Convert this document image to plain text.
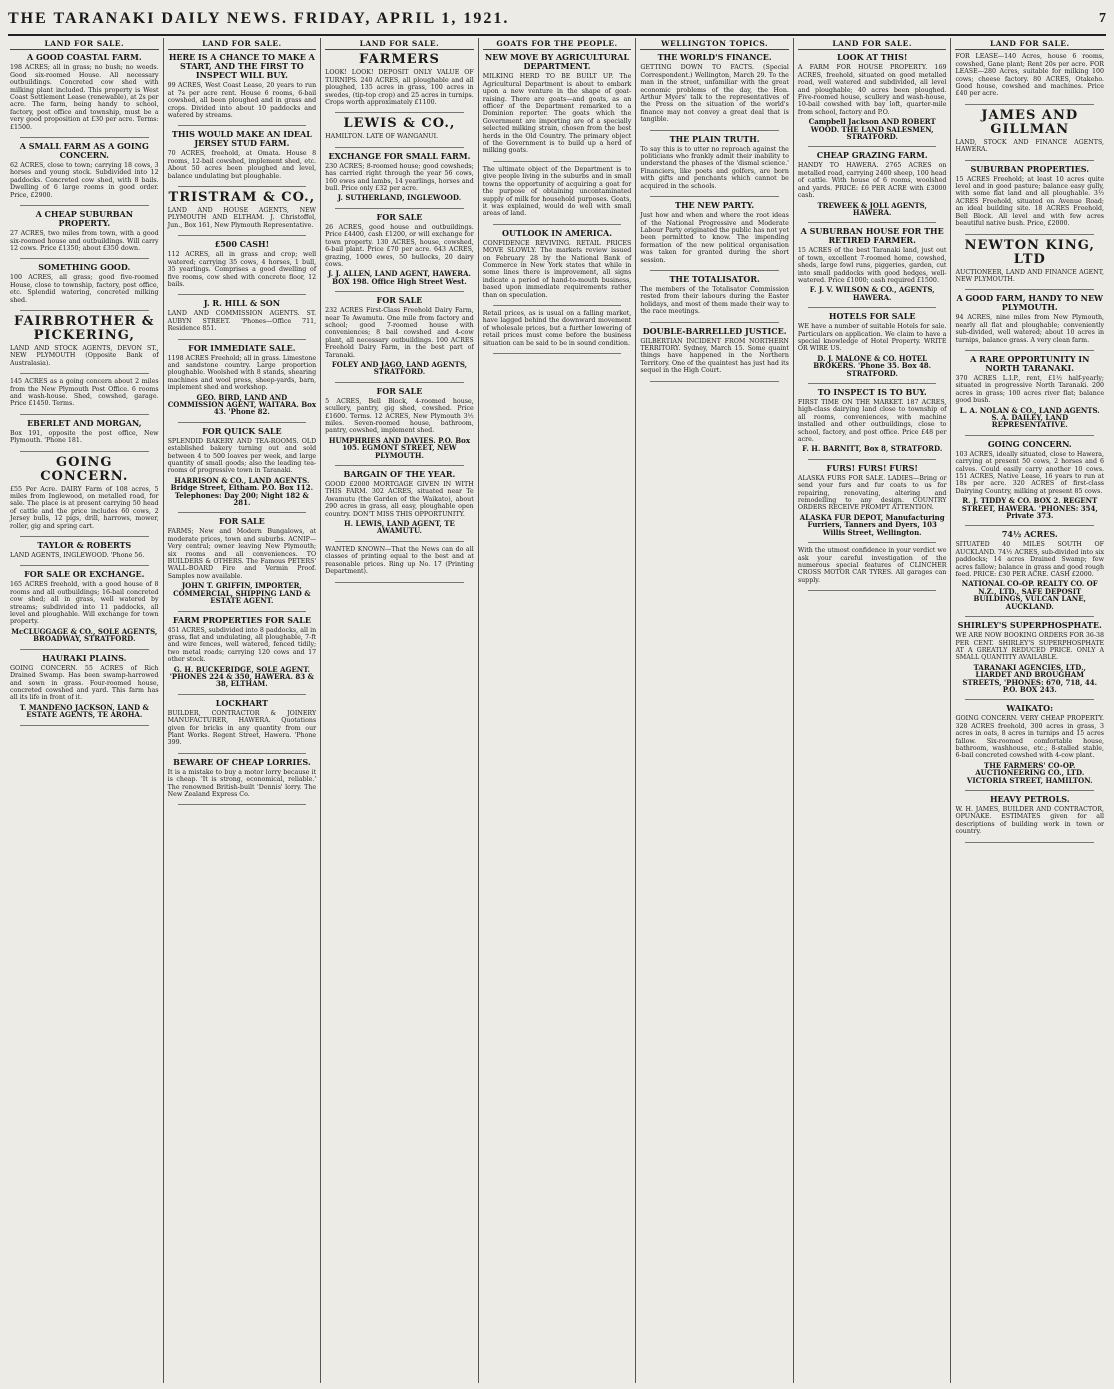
THE TARANAKI DAILY NEWS. FRIDAY, APRIL 1, 1921.	7
LAND FOR SALE.
A GOOD COASTAL FARM.
198 ACRES; all in grass; no bush; no weeds. Good six-roomed House. All necessary outbuildings. Concreted cow shed with milking plant included. This property is West Coast Settlement Lease (renewable), at 2s per acre. The farm, being handy to school, factory, post office and township, must be a very good proposition at £30 per acre. Terms: £1500.
A SMALL FARM AS A GOING CONCERN.
62 ACRES, close to town; carrying 18 cows, 3 horses and young stock. Subdivided into 12 paddocks. Concreted cow shed, with 8 bails. Dwelling of 6 large rooms in good order. Price, £2900.
A CHEAP SUBURBAN PROPERTY.
27 ACRES, two miles from town, with a good six-roomed house and outbuildings. Will carry 12 cows. Price £1350; about £350 down.
SOMETHING GOOD.
100 ACRES, all grass; good five-roomed House, close to township, factory, post office, etc. Splendid watering, concreted milking shed.
FAIRBROTHER & PICKERING,
LAND AND STOCK AGENTS, DEVON ST., NEW PLYMOUTH (Opposite Bank of Australasia).
145 ACRES as a going concern about 2 miles from the New Plymouth Post Office. 6 rooms and wash-house. Shed, cowshed, garage. Price £1450. Terms.
EBERLET AND MORGAN,
Box 191, opposite the post office, New Plymouth. 'Phone 181.
GOING CONCERN.
£55 Per Acre. DAIRY Farm of 108 acres, 5 miles from Inglewood, on metalled road, for sale. The place is at present carrying 50 head of cattle and the price includes 60 cows, 2 Jersey bulls, 12 pigs, drill, harrows, mower, roller, gig and spring cart.
TAYLOR & ROBERTS
LAND AGENTS, INGLEWOOD. 'Phone 56.
FOR SALE OR EXCHANGE.
165 ACRES freehold, with a good house of 8 rooms and all outbuildings; 16-bail concreted cow shed; all in grass, well watered by streams; subdivided into 11 paddocks, all level and ploughable. Will exchange for town property.
McCLUGGAGE & CO., SOLE AGENTS, BROADWAY, STRATFORD.
HAURAKI PLAINS.
GOING CONCERN. 55 ACRES of Rich Drained Swamp. Has been swamp-harrowed and sown in grass. Four-roomed house, concreted cowshed and yard. This farm has all its life in front of it.
T. MANDENO JACKSON, LAND & ESTATE AGENTS, TE AROHA.
LAND FOR SALE.
HERE IS A CHANCE TO MAKE A START, AND THE FIRST TO INSPECT WILL BUY.
99 ACRES, West Coast Lease, 20 years to run at 7s per acre rent. House 6 rooms, 6-bail cowshed, all been ploughed and in grass and crops. Divided into about 10 paddocks and watered by streams.
THIS WOULD MAKE AN IDEAL JERSEY STUD FARM.
70 ACRES, freehold, at Omata. House 8 rooms, 12-bail cowshed, implement shed, etc. About 50 acres been ploughed and level, balance undulating but ploughable.
TRISTRAM & CO.,
LAND AND HOUSE AGENTS, NEW PLYMOUTH AND ELTHAM. J. Christoffel, Jun., Box 161, New Plymouth Representative.
£500 CASH!
112 ACRES, all in grass and crop; well watered; carrying 35 cows, 4 horses, 1 bull, 35 yearlings. Comprises a good dwelling of five rooms, cow shed with concrete floor, 12 bails.
J. R. HILL & SON
LAND AND COMMISSION AGENTS. ST. AUBYN STREET. 'Phones—Office 711, Residence 851.
FOR IMMEDIATE SALE.
1198 ACRES Freehold; all in grass. Limestone and sandstone country. Large proportion ploughable. Woolshed with 8 stands, shearing machines and wool press, sheep-yards, barn, implement shed and workshop.
GEO. BIRD, LAND AND COMMISSION AGENT, WAITARA. Box 43. 'Phone 82.
FOR QUICK SALE
SPLENDID BAKERY AND TEA-ROOMS. OLD established bakery turning out and sold between 4 to 500 loaves per week, and large quantity of small goods; also the leading tea-rooms of progressive town in Taranaki.
HARRISON & CO., LAND AGENTS. Bridge Street, Eltham. P.O. Box 112. Telephones: Day 200; Night 182 & 281.
FOR SALE
FARMS; New and Modern Bungalows, at moderate prices, town and suburbs. ACNIP—Very central; owner leaving New Plymouth; six rooms and all conveniences. TO BUILDERS & OTHERS. The Famous PETERS' WALL-BOARD Fire and Vermin Proof. Samples now available.
JOHN T. GRIFFIN, IMPORTER, COMMERCIAL, SHIPPING LAND & ESTATE AGENT.
FARM PROPERTIES FOR SALE
451 ACRES, subdivided into 8 paddocks, all in grass, flat and undulating, all ploughable, 7-ft and wire fences, well watered, fenced tidily; two metal roads; carrying 120 cows and 17 other stock.
G. H. BUCKERIDGE, SOLE AGENT. 'PHONES 224 & 350, HAWERA. 83 & 38, ELTHAM.
LOCKHART
BUILDER, CONTRACTOR & JOINERY MANUFACTURER, HAWERA. Quotations given for bricks in any quantity from our Plant Works. Regent Street, Hawera. 'Phone 399.
BEWARE OF CHEAP LORRIES.
It is a mistake to buy a motor lorry because it is cheap. 'It is strong, economical, reliable.' The renowned British-built 'Dennis' lorry. The New Zealand Express Co.
LAND FOR SALE.
FARMERS
LOOK! LOOK! DEPOSIT ONLY VALUE OF TURNIPS. 240 ACRES, all ploughable and all ploughed, 135 acres in grass, 100 acres in swedes, (tip-top crop) and 25 acres in turnips. Crops worth approximately £1100.
LEWIS & CO.,
HAMILTON. LATE OF WANGANUI.
EXCHANGE FOR SMALL FARM.
230 ACRES; 8-roomed house; good cowsheds; has carried right through the year 56 cows, 160 ewes and lambs, 14 yearlings, horses and bull. Price only £32 per acre.
J. SUTHERLAND, INGLEWOOD.
FOR SALE
26 ACRES, good house and outbuildings. Price £4400, cash £1200, or will exchange for town property. 130 ACRES, house, cowshed, 6-bail plant. Price £70 per acre. 643 ACRES, grazing, 1000 ewes, 50 bullocks, 20 dairy cows.
J. J. ALLEN, LAND AGENT, HAWERA. BOX 198. Office High Street West.
FOR SALE
232 ACRES First-Class Freehold Dairy Farm, near Te Awamutu. One mile from factory and school; good 7-roomed house with conveniences; 8 bail cowshed and 4-cow plant, all necessary outbuildings. 100 ACRES Freehold Dairy Farm, in the best part of Taranaki.
FOLEY AND JAGO, LAND AGENTS, STRATFORD.
FOR SALE
5 ACRES, Bell Block, 4-roomed house, scullery, pantry, gig shed, cowshed. Price £1600. Terms. 12 ACRES, New Plymouth 3½ miles. Seven-roomed house, bathroom, pantry, cowshed, implement shed.
HUMPHRIES AND DAVIES. P.O. Box 105. EGMONT STREET, NEW PLYMOUTH.
BARGAIN OF THE YEAR.
GOOD £2000 MORTGAGE GIVEN IN WITH THIS FARM. 302 ACRES, situated near Te Awamutu (the Garden of the Waikato), about 290 acres in grass, all easy, ploughable open country. DON'T MISS THIS OPPORTUNITY.
H. LEWIS, LAND AGENT, TE AWAMUTU.
WANTED KNOWN—That the News can do all classes of printing equal to the best and at reasonable prices. Ring up No. 17 (Printing Department).
GOATS FOR THE PEOPLE.
NEW MOVE BY AGRICULTURAL DEPARTMENT.
MILKING HERD TO BE BUILT UP. The Agricultural Department is about to embark upon a new venture in the shape of goat-raising. There are goats—and goats, as an officer of the Department remarked to a Dominion reporter. The goats which the Government are importing are of a specially selected milking strain, chosen from the best herds in the Old Country. The primary object of the Government is to build up a herd of milking goats.
The ultimate object of the Department is to give people living in the suburbs and in small towns the opportunity of acquiring a goat for the purpose of obtaining uncontaminated supply of milk for household purposes. Goats, it was explained, would do well with small areas of land.
OUTLOOK IN AMERICA.
CONFIDENCE REVIVING. RETAIL PRICES MOVE SLOWLY. The markets review issued on February 28 by the National Bank of Commerce in New York states that while in some lines there is improvement, all signs indicate a period of hand-to-mouth business, based upon immediate requirements rather than on speculation.
Retail prices, as is usual on a falling market, have lagged behind the downward movement of wholesale prices, but a further lowering of retail prices must come before the business situation can be said to be in sound condition.
WELLINGTON TOPICS.
THE WORLD'S FINANCE.
GETTING DOWN TO FACTS. (Special Correspondent.) Wellington, March 29. To the man in the street, unfamiliar with the great economic problems of the day, the Hon. Arthur Myers' talk to the representatives of the Press on the situation of the world's finance may not convey a great deal that is tangible.
THE PLAIN TRUTH.
To say this is to utter no reproach against the politicians who frankly admit their inability to understand the phases of the 'dismal science.' Financiers, like poets and golfers, are born with gifts and penchants which cannot be acquired in the schools.
THE NEW PARTY.
Just how and when and where the root ideas of the National Progressive and Moderate Labour Party originated the public has not yet been permitted to know. The impending formation of the new political organisation was taken for granted during the short session.
THE TOTALISATOR.
The members of the Totalisator Commission rested from their labours during the Easter holidays, and most of them made their way to the race meetings.
DOUBLE-BARRELLED JUSTICE.
GILBERTIAN INCIDENT FROM NORTHERN TERRITORY. Sydney, March 15. Some quaint things have happened in the Northern Territory. One of the quaintest has just had its sequel in the High Court.
LAND FOR SALE.
LOOK AT THIS!
A FARM FOR HOUSE PROPERTY. 169 ACRES, freehold, situated on good metalled road, well watered and subdivided, all level and ploughable; 40 acres been ploughed. Five-roomed house, scullery and wash-house, 10-bail cowshed with bay loft, quarter-mile from school, factory and P.O.
Campbell Jackson AND ROBERT WOOD. THE LAND SALESMEN, STRATFORD.
CHEAP GRAZING FARM.
HANDY TO HAWERA. 2765 ACRES on metalled road, carrying 2400 sheep, 100 head of cattle. With house of 6 rooms, woolshed and yards. PRICE: £6 PER ACRE with £3000 cash.
TREWEEK & JOLL AGENTS, HAWERA.
A SUBURBAN HOUSE FOR THE RETIRED FARMER.
15 ACRES of the best Taranaki land, just out of town, excellent 7-roomed home, cowshed, sheds, large fowl runs, piggeries, garden, cut into small paddocks with good hedges, well-watered. Price £1000; cash required £1500.
F. J. V. WILSON & CO., AGENTS, HAWERA.
HOTELS FOR SALE
WE have a number of suitable Hotels for sale. Particulars on application. We claim to have a special knowledge of Hotel Property. WRITE OR WIRE US.
D. J. MALONE & CO. HOTEL BROKERS. 'Phone 35. Box 48. STRATFORD.
TO INSPECT IS TO BUY.
FIRST TIME ON THE MARKET. 187 ACRES, high-class dairying land close to township of all rooms, conveniences, with machine installed and other outbuildings, close to school, factory, and post office. Price £48 per acre.
F. H. BARNITT, Box 8, STRATFORD.
FURS! FURS! FURS!
ALASKA FURS FOR SALE. LADIES—Bring or send your furs and fur coats to us for repairing, renovating, altering and remodelling to any design. COUNTRY ORDERS RECEIVE PROMPT ATTENTION.
ALASKA FUR DEPOT, Manufacturing Furriers, Tanners and Dyers, 103 Willis Street, Wellington.
With the utmost confidence in your verdict we ask your careful investigation of the numerous special features of CLINCHER CROSS MOTOR CAR TYRES. All garages can supply.
LAND FOR SALE.
FOR LEASE—140 Acres, house 6 rooms, cowshed, Gane plant; Rent 20s per acre. FOR LEASE—280 Acres, suitable for milking 100 cows; cheese factory. 80 ACRES, Otakeho. Good house, cowshed and machines. Price £40 per acre.
JAMES AND GILLMAN
LAND, STOCK AND FINANCE AGENTS, HAWERA.
SUBURBAN PROPERTIES.
15 ACRES Freehold; at least 10 acres quite level and in good pasture; balance easy gully, with some flat land and all ploughable. 3½ ACRES Freehold, situated on Avenue Road; an ideal building site. 18 ACRES Freehold, Bell Block. All level and with few acres beautiful native bush. Price, £2000.
NEWTON KING, LTD
AUCTIONEER, LAND AND FINANCE AGENT, NEW PLYMOUTH.
A GOOD FARM, HANDY TO NEW PLYMOUTH.
94 ACRES, nine miles from New Plymouth, nearly all flat and ploughable; conveniently sub-divided, well watered; about 10 acres in turnips, balance grass. A very clean farm.
A RARE OPPORTUNITY IN NORTH TARANAKI.
370 ACRES L.I.P., rent, £1½ half-yearly; situated in progressive North Taranaki. 200 acres in grass; 100 acres river flat; balance good bush.
L. A. NOLAN & CO., LAND AGENTS. S. A. DAILEY, LAND REPRESENTATIVE.
GOING CONCERN.
103 ACRES, ideally situated, close to Hawera, carrying at present 50 cows, 2 horses and 6 calves. Could easily carry another 10 cows. 151 ACRES, Native Lease, 16 years to run at 18s per acre. 320 ACRES of first-class Dairying Country, milking at present 85 cows.
R. J. TIDDY & CO. BOX 2. REGENT STREET, HAWERA. 'PHONES: 354, Private 373.
74½ ACRES.
SITUATED 40 MILES SOUTH OF AUCKLAND. 74½ ACRES, sub-divided into six paddocks; 14 acres Drained Swamp; few acres fallow; balance in grass and good rough feed. PRICE: £30 PER ACRE. CASH £2000.
NATIONAL CO-OP. REALTY CO. OF N.Z., LTD., SAFE DEPOSIT BUILDINGS, VULCAN LANE, AUCKLAND.
SHIRLEY'S SUPERPHOSPHATE.
WE ARE NOW BOOKING ORDERS FOR 36-38 PER CENT. SHIRLEY'S SUPERPHOSPHATE AT A GREATLY REDUCED PRICE. ONLY A SMALL QUANTITY AVAILABLE.
TARANAKI AGENCIES, LTD., LIARDET AND BROUGHAM STREETS, 'PHONES: 670, 718, 44. P.O. BOX 243.
WAIKATO:
GOING CONCERN. VERY CHEAP PROPERTY. 328 ACRES freehold, 300 acres in grass, 3 acres in oats, 8 acres in turnips and 15 acres fallow. Six-roomed comfortable house, bathroom, washhouse, etc.; 8-stalled stable, 6-bail concreted cowshed with 4-cow plant.
THE FARMERS' CO-OP. AUCTIONEERING CO., LTD. VICTORIA STREET, HAMILTON.
HEAVY PETROLS.
W. H. JAMES, BUILDER AND CONTRACTOR, OPUNAKE. ESTIMATES given for all descriptions of building work in town or country.
